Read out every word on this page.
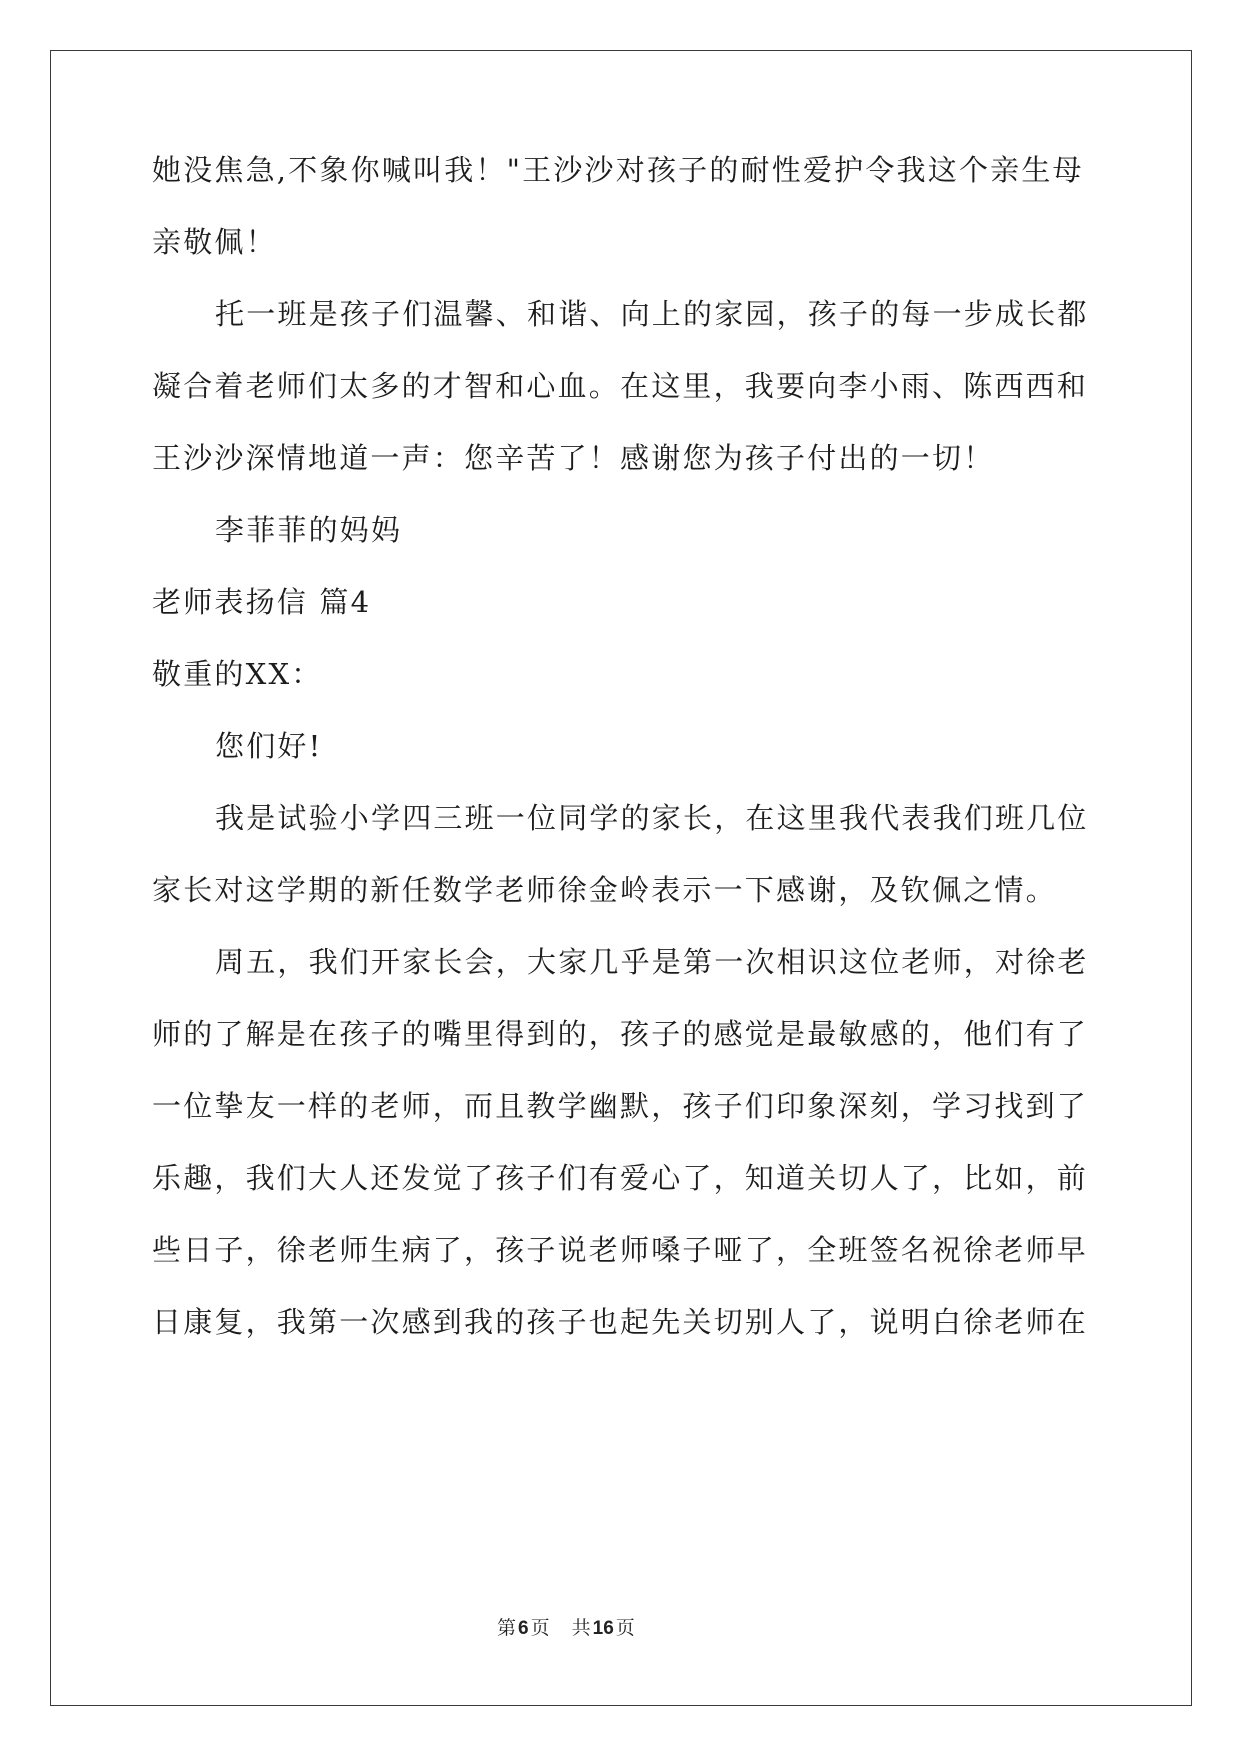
她没焦急,不象你喊叫我！"王沙沙对孩子的耐性爱护令我这个亲生母
亲敬佩！
托一班是孩子们温馨、和谐、向上的家园，孩子的每一步成长都
凝合着老师们太多的才智和心血。在这里，我要向李小雨、陈西西和
王沙沙深情地道一声：您辛苦了！感谢您为孩子付出的一切！
李菲菲的妈妈
老师表扬信 篇4
敬重的XX：
您们好!
我是试验小学四三班一位同学的家长，在这里我代表我们班几位
家长对这学期的新任数学老师徐金岭表示一下感谢，及钦佩之情。
周五，我们开家长会，大家几乎是第一次相识这位老师，对徐老
师的了解是在孩子的嘴里得到的，孩子的感觉是最敏感的，他们有了
一位挚友一样的老师，而且教学幽默，孩子们印象深刻，学习找到了
乐趣，我们大人还发觉了孩子们有爱心了，知道关切人了，比如，前
些日子，徐老师生病了，孩子说老师嗓子哑了，全班签名祝徐老师早
日康复，我第一次感到我的孩子也起先关切别人了，说明白徐老师在
第 6 页 共 16 页
